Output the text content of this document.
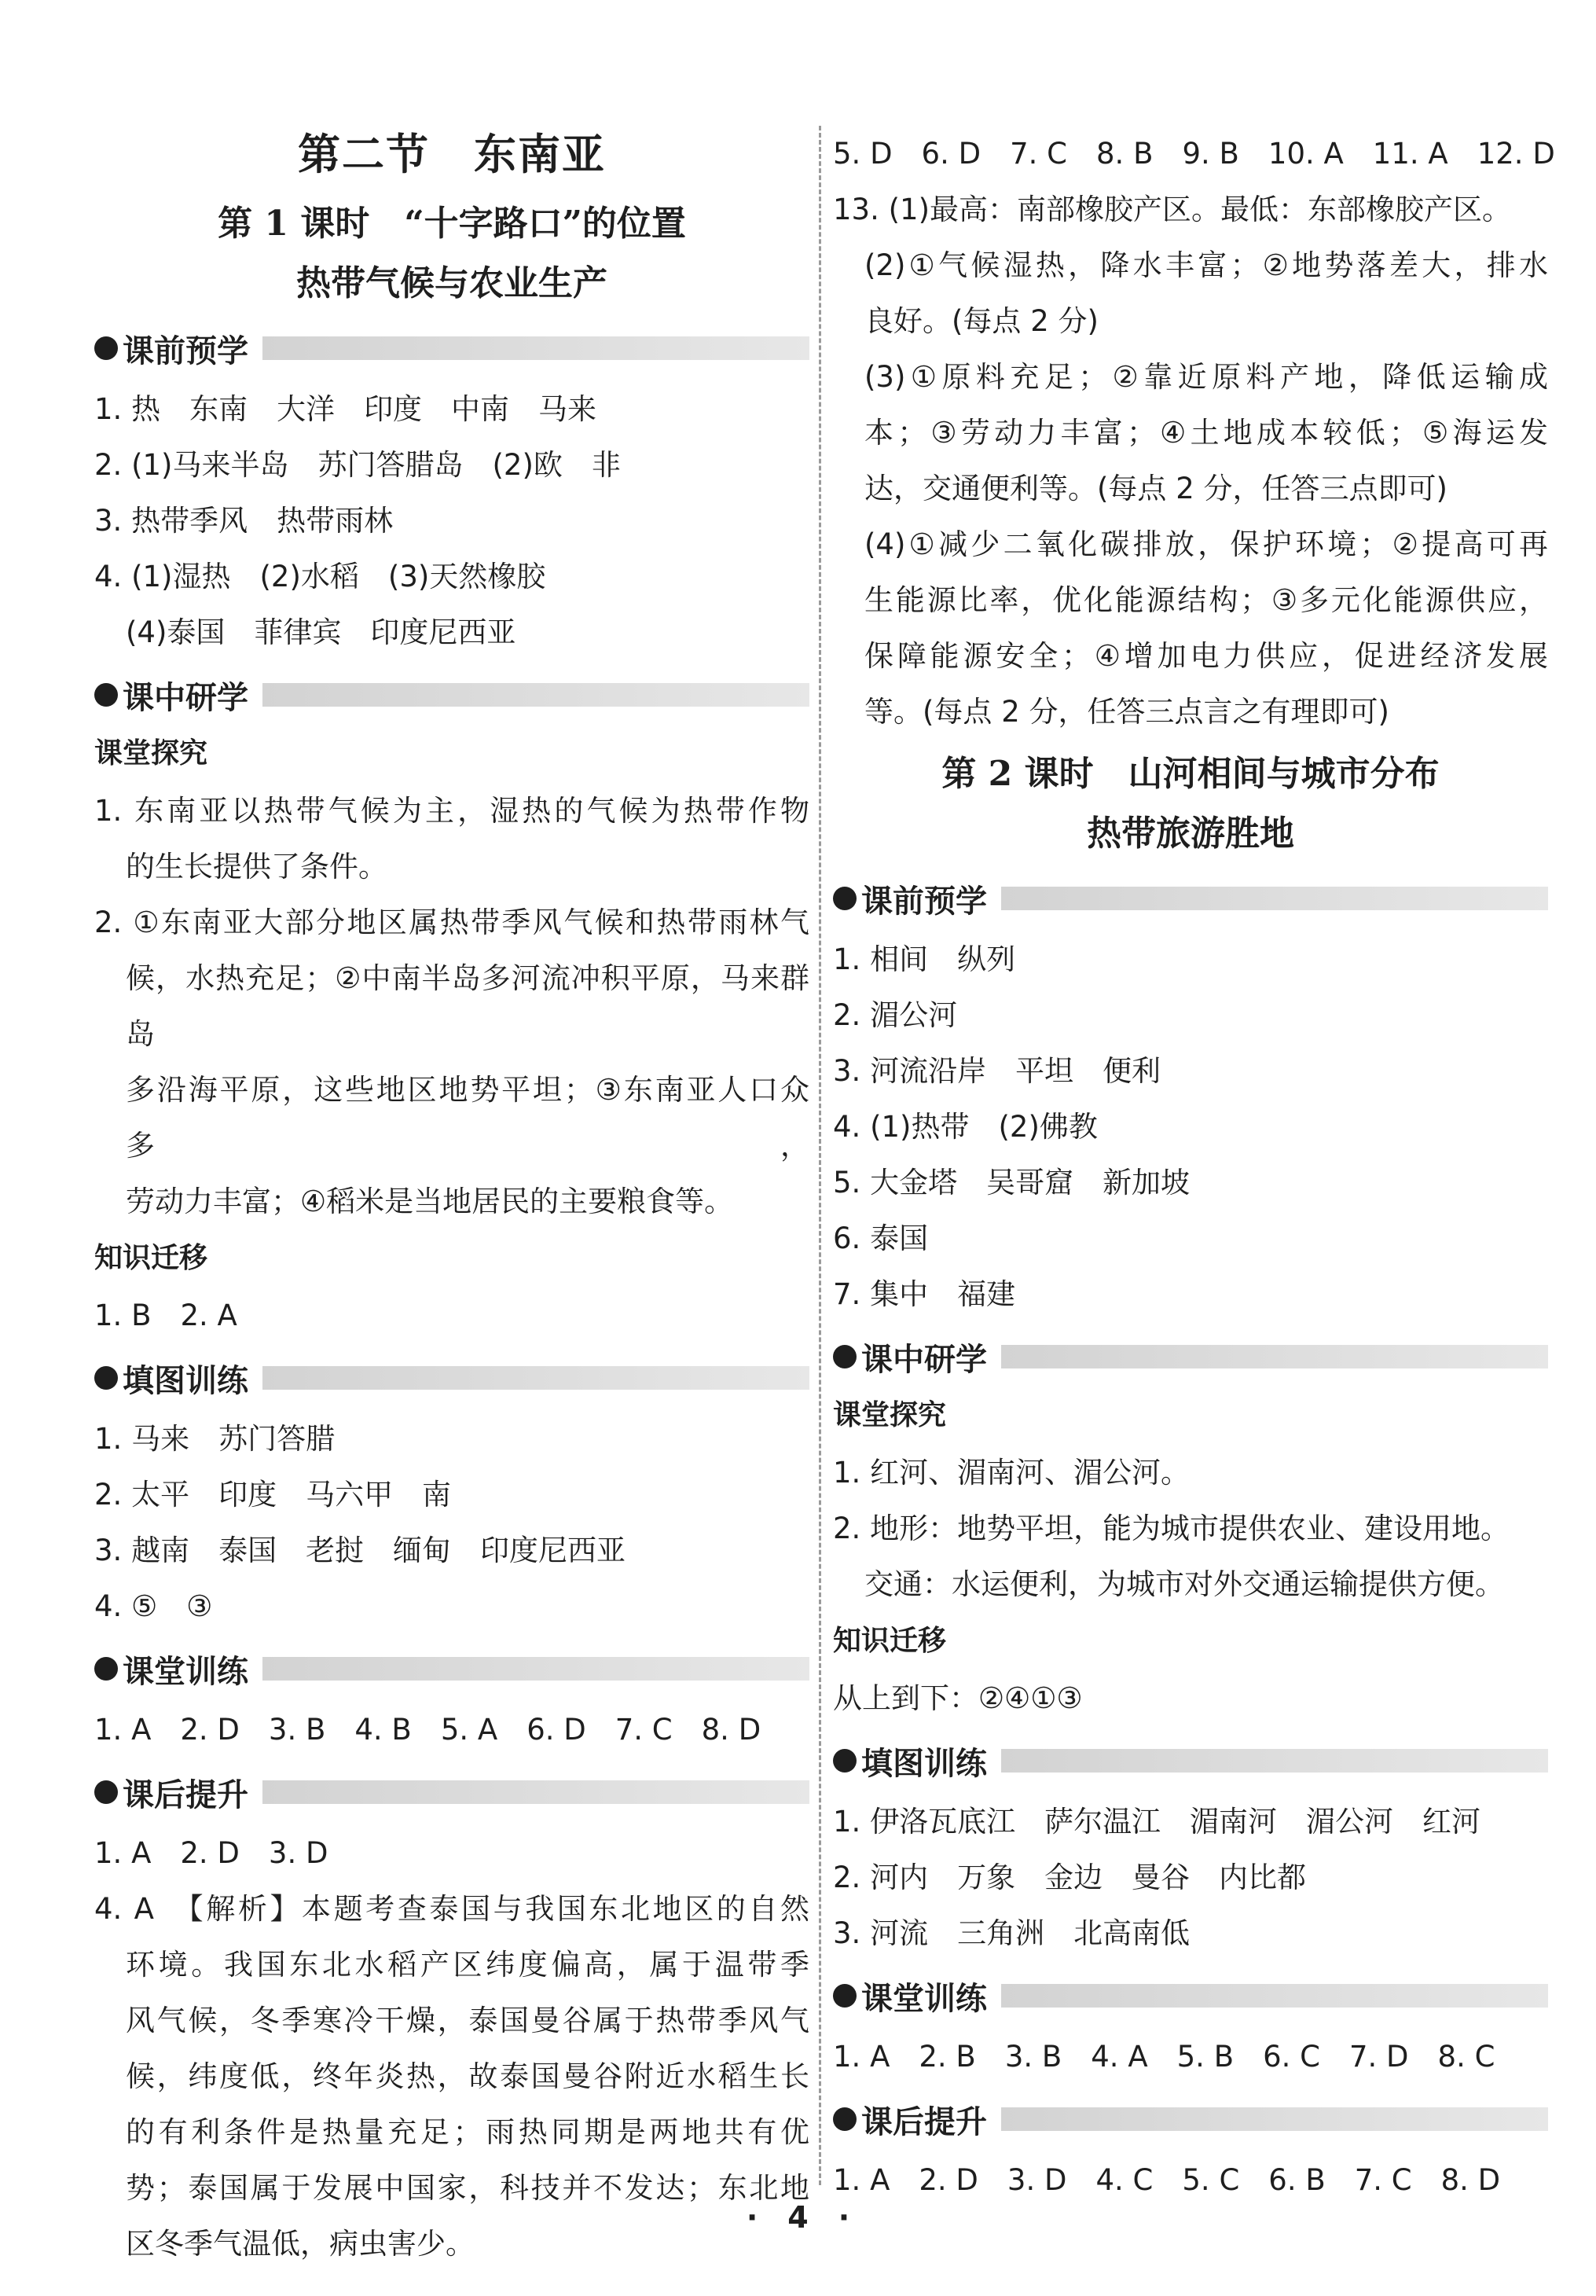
第二节　东南亚
第 1 课时　“十字路口”的位置
热带气候与农业生产
课前预学
1. 热　东南　大洋　印度　中南　马来
2. (1)马来半岛　苏门答腊岛　(2)欧　非
3. 热带季风　热带雨林
4. (1)湿热　(2)水稻　(3)天然橡胶
(4)泰国　菲律宾　印度尼西亚
课中研学
课堂探究
1. 东南亚以热带气候为主，湿热的气候为热带作物
的生长提供了条件。
2. ①东南亚大部分地区属热带季风气候和热带雨林气
候，水热充足；②中南半岛多河流冲积平原，马来群岛
多沿海平原，这些地区地势平坦；③东南亚人口众多，
劳动力丰富；④稻米是当地居民的主要粮食等。
知识迁移
1. B　2. A
填图训练
1. 马来　苏门答腊
2. 太平　印度　马六甲　南
3. 越南　泰国　老挝　缅甸　印度尼西亚
4. ⑤　③
课堂训练
1. A　2. D　3. B　4. B　5. A　6. D　7. C　8. D
课后提升
1. A　2. D　3. D
4. A　【解析】本题考查泰国与我国东北地区的自然
环境。我国东北水稻产区纬度偏高，属于温带季
风气候，冬季寒冷干燥，泰国曼谷属于热带季风气
候，纬度低，终年炎热，故泰国曼谷附近水稻生长
的有利条件是热量充足；雨热同期是两地共有优
势；泰国属于发展中国家，科技并不发达；东北地
区冬季气温低，病虫害少。
5. D　6. D　7. C　8. B　9. B　10. A　11. A　12. D
13. (1)最高：南部橡胶产区。最低：东部橡胶产区。
(2)①气候湿热，降水丰富；②地势落差大，排水
良好。(每点 2 分)
(3)①原料充足；②靠近原料产地，降低运输成
本；③劳动力丰富；④土地成本较低；⑤海运发
达，交通便利等。(每点 2 分，任答三点即可)
(4)①减少二氧化碳排放，保护环境；②提高可再
生能源比率，优化能源结构；③多元化能源供应，
保障能源安全；④增加电力供应，促进经济发展
等。(每点 2 分，任答三点言之有理即可)
第 2 课时　山河相间与城市分布
热带旅游胜地
课前预学
1. 相间　纵列
2. 湄公河
3. 河流沿岸　平坦　便利
4. (1)热带　(2)佛教
5. 大金塔　吴哥窟　新加坡
6. 泰国
7. 集中　福建
课中研学
课堂探究
1. 红河、湄南河、湄公河。
2. 地形：地势平坦，能为城市提供农业、建设用地。
交通：水运便利，为城市对外交通运输提供方便。
知识迁移
从上到下：②④①③
填图训练
1. 伊洛瓦底江　萨尔温江　湄南河　湄公河　红河
2. 河内　万象　金边　曼谷　内比都
3. 河流　三角洲　北高南低
课堂训练
1. A　2. B　3. B　4. A　5. B　6. C　7. D　8. C
课后提升
1. A　2. D　3. D　4. C　5. C　6. B　7. C　8. D
·　4　·
